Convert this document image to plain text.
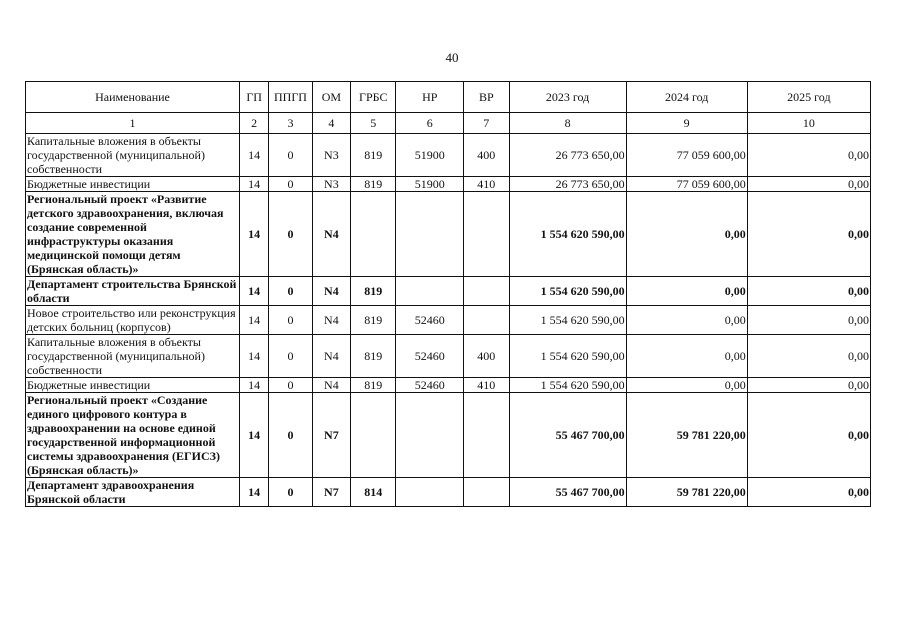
40
Наименование	ГП	ППГП	ОМ	ГРБС	НР	ВР	2023 год	2024 год	2025 год
1	2	3	4	5	6	7	8	9	10
Капитальные вложения в объекты государственной (муниципальной) собственности	14	0	N3	819	51900	400	26 773 650,00	77 059 600,00	0,00
Бюджетные инвестиции	14	0	N3	819	51900	410	26 773 650,00	77 059 600,00	0,00
Региональный проект «Развитие детского здравоохранения, включая создание современной инфраструктуры оказания медицинской помощи детям (Брянская область)»	14	0	N4				1 554 620 590,00	0,00	0,00
Департамент строительства Брянской области	14	0	N4	819			1 554 620 590,00	0,00	0,00
Новое строительство или реконструкция детских больниц (корпусов)	14	0	N4	819	52460		1 554 620 590,00	0,00	0,00
Капитальные вложения в объекты государственной (муниципальной) собственности	14	0	N4	819	52460	400	1 554 620 590,00	0,00	0,00
Бюджетные инвестиции	14	0	N4	819	52460	410	1 554 620 590,00	0,00	0,00
Региональный проект «Создание единого цифрового контура в здравоохранении на основе единой государственной информационной системы здравоохранения (ЕГИСЗ) (Брянская область)»	14	0	N7				55 467 700,00	59 781 220,00	0,00
Департамент здравоохранения Брянской области	14	0	N7	814			55 467 700,00	59 781 220,00	0,00
